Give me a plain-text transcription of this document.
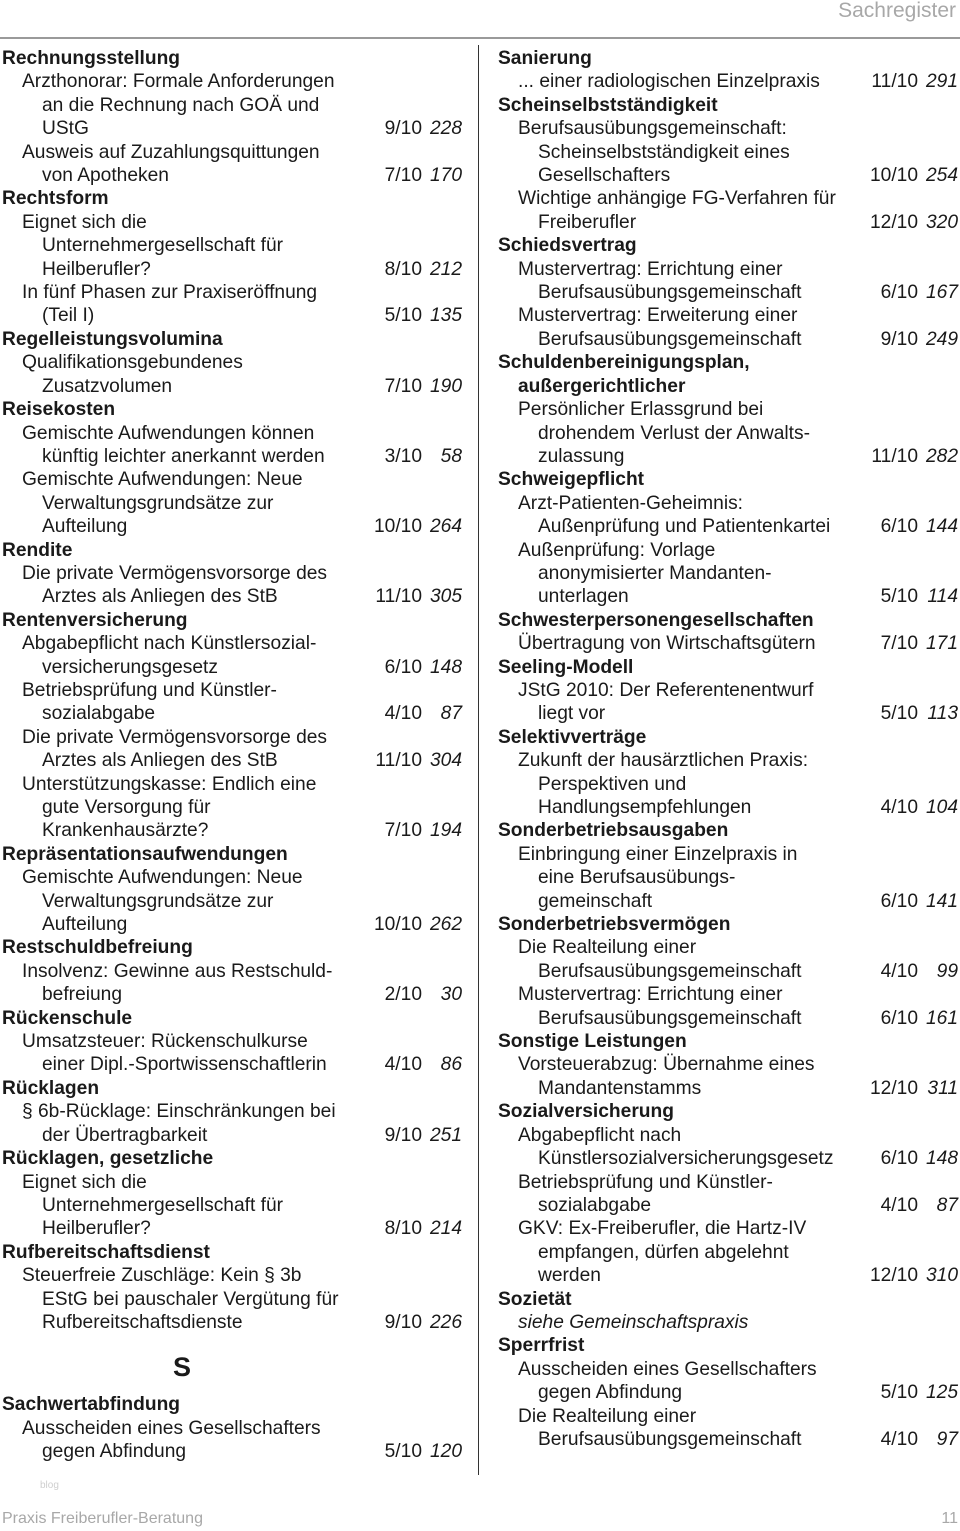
Sachregister
Rechnungsstellung
Arzthonorar: Formale Anforderungen
an die Rechnung nach GOÄ und
UStG	9/10 228
Ausweis auf Zuzahlungsquittungen
von Apotheken	7/10 170
Rechtsform
Eignet sich die
Unternehmergesellschaft für
Heilberufler?	8/10 212
In fünf Phasen zur Praxiseröffnung
(Teil I)	5/10 135
Regelleistungsvolumina
Qualifikationsgebundenes
Zusatzvolumen	7/10 190
Reisekosten
Gemischte Aufwendungen können
künftig leichter anerkannt werden	3/10 58
Gemischte Aufwendungen: Neue
Verwaltungsgrundsätze zur
Aufteilung	10/10 264
Rendite
Die private Vermögensvorsorge des
Arztes als Anliegen des StB	11/10 305
Rentenversicherung
Abgabepflicht nach Künstlersozial-
versicherungsgesetz	6/10 148
Betriebsprüfung und Künstler-
sozialabgabe	4/10 87
Die private Vermögensvorsorge des
Arztes als Anliegen des StB	11/10 304
Unterstützungskasse: Endlich eine
gute Versorgung für
Krankenhausärzte?	7/10 194
Repräsentationsaufwendungen
Gemischte Aufwendungen: Neue
Verwaltungsgrundsätze zur
Aufteilung	10/10 262
Restschuldbefreiung
Insolvenz: Gewinne aus Restschuld-
befreiung	2/10 30
Rückenschule
Umsatzsteuer: Rückenschulkurse
einer Dipl.-Sportwissenschaftlerin	4/10 86
Rücklagen
§ 6b-Rücklage: Einschränkungen bei
der Übertragbarkeit	9/10 251
Rücklagen, gesetzliche
Eignet sich die
Unternehmergesellschaft für
Heilberufler?	8/10 214
Rufbereitschaftsdienst
Steuerfreie Zuschläge: Kein § 3b
EStG bei pauschaler Vergütung für
Rufbereitschaftsdienste	9/10 226
S
Sachwertabfindung
Ausscheiden eines Gesellschafters
gegen Abfindung	5/10 120
Sanierung
... einer radiologischen Einzelpraxis	11/10 291
Scheinselbstständigkeit
Berufsausübungsgemeinschaft:
Scheinselbstständigkeit eines
Gesellschafters	10/10 254
Wichtige anhängige FG-Verfahren für
Freiberufler	12/10 320
Schiedsvertrag
Mustervertrag: Errichtung einer
Berufsausübungsgemeinschaft	6/10 167
Mustervertrag: Erweiterung einer
Berufsausübungsgemeinschaft	9/10 249
Schuldenbereinigungsplan,
außergerichtlicher
Persönlicher Erlassgrund bei
drohendem Verlust der Anwalts-
zulassung	11/10 282
Schweigepflicht
Arzt-Patienten-Geheimnis:
Außenprüfung und Patientenkartei	6/10 144
Außenprüfung: Vorlage
anonymisierter Mandanten-
unterlagen	5/10 114
Schwesterpersonengesellschaften
Übertragung von Wirtschaftsgütern	7/10 171
Seeling-Modell
JStG 2010: Der Referentenentwurf
liegt vor	5/10 113
Selektivverträge
Zukunft der hausärztlichen Praxis:
Perspektiven und
Handlungsempfehlungen	4/10 104
Sonderbetriebsausgaben
Einbringung einer Einzelpraxis in
eine Berufsausübungs-
gemeinschaft	6/10 141
Sonderbetriebsvermögen
Die Realteilung einer
Berufsausübungsgemeinschaft	4/10 99
Mustervertrag: Errichtung einer
Berufsausübungsgemeinschaft	6/10 161
Sonstige Leistungen
Vorsteuerabzug: Übernahme eines
Mandantenstamms	12/10 311
Sozialversicherung
Abgabepflicht nach
Künstlersozialversicherungsgesetz	6/10 148
Betriebsprüfung und Künstler-
sozialabgabe	4/10 87
GKV: Ex-Freiberufler, die Hartz-IV
empfangen, dürfen abgelehnt
werden	12/10 310
Sozietät
siehe Gemeinschaftspraxis
Sperrfrist
Ausscheiden eines Gesellschafters
gegen Abfindung	5/10 125
Die Realteilung einer
Berufsausübungsgemeinschaft	4/10 97
blog
Praxis Freiberufler-Beratung	11
